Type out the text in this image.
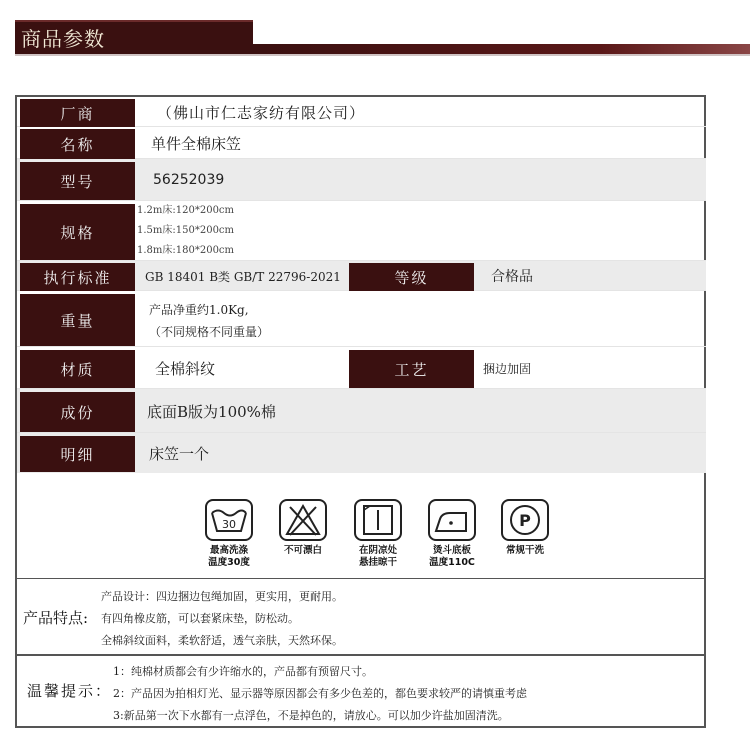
商品参数
厂商	（佛山市仁志家纺有限公司）
名称	单件全棉床笠
型号	56252039
规格
1.2m床:120*200cm
1.5m床:150*200cm
1.8m床:180*200cm
执行标准	GB 18401 B类 GB/T 22796-2021	等级	合格品
重量
产品净重约1.0Kg,
（不同规格不同重量）
材质	全棉斜纹	工艺	捆边加固
成份	底面B版为100%棉
明细	床笠一个
30
最高洗涤
温度30度
不可漂白	在阴凉处
悬挂晾干
烫斗底板
温度110C
P
常规干洗
产品特点:
产品设计：四边捆边包绳加固，更实用，更耐用。
有四角橡皮筋，可以套紧床垫，防松动。
全棉斜纹面料，柔软舒适，透气亲肤，天然环保。
温馨提示：
1：纯棉材质都会有少许缩水的，产品都有预留尺寸。
2：产品因为拍相灯光、显示器等原因都会有多少色差的，都色要求较严的请慎重考虑
3:新品第一次下水都有一点浮色，不是掉色的，请放心。可以加少许盐加固清洗。
